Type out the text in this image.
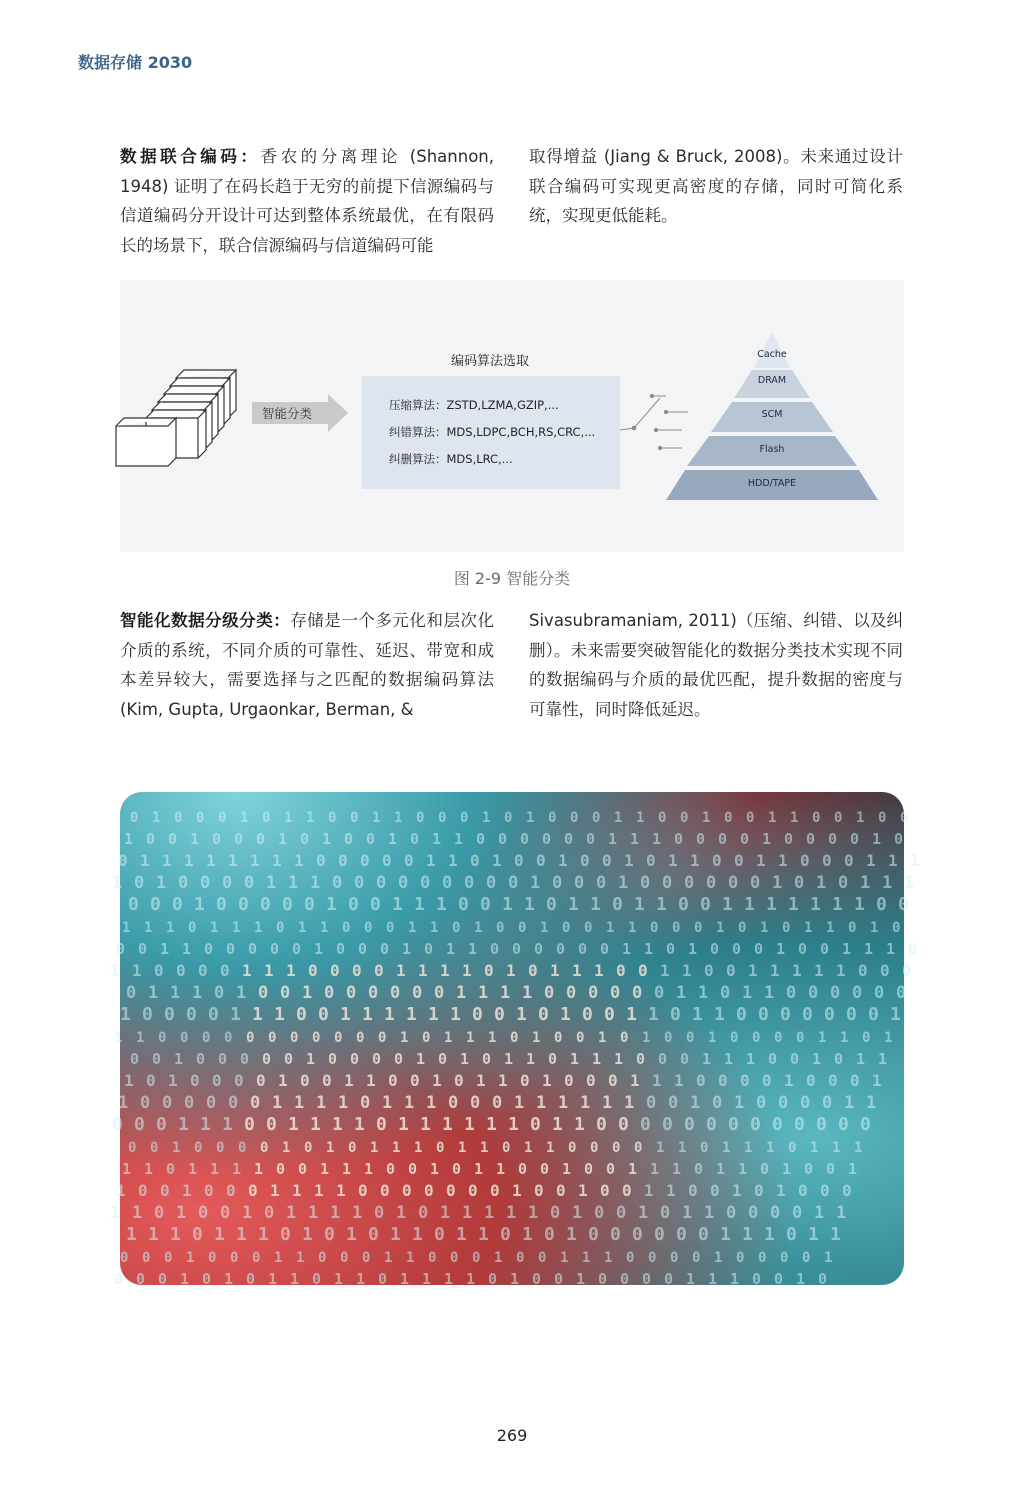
数据存储 2030

数据联合编码：香农的分离理论 (Shannon, 1948) 证明了在码长趋于无穷的前提下信源编码与信道编码分开设计可达到整体系统最优，在有限码长的场景下，联合信源编码与信道编码可能

取得增益 (Jiang & Bruck, 2008)。未来通过设计联合编码可实现更高密度的存储，同时可简化系统，实现更低能耗。

智能分类
编码算法选取
压缩算法：ZSTD,LZMA,GZIP,...
纠错算法：MDS,LDPC,BCH,RS,CRC,...
纠删算法：MDS,LRC,...
Cache
DRAM
SCM
Flash
HDD/TAPE
图 2-9 智能分类

智能化数据分级分类：存储是一个多元化和层次化介质的系统，不同介质的可靠性、延迟、带宽和成本差异较大，需要选择与之匹配的数据编码算法 (Kim, Gupta, Urgaonkar, Berman, &

Sivasubramaniam, 2011)（压缩、纠错、以及纠删）。未来需要突破智能化的数据分类技术实现不同的数据编码与介质的最优匹配，提升数据的密度与可靠性，同时降低延迟。

0 1 0 0 0 1 0 1 1 0 0 1 1 0 0 0 1 0 1 0 0 0 1 1 0 0 1 0 0 1 1 0 0 1 0 0
1 0 0 1 0 0 0 1 0 1 0 0 1 0 1 1 0 0 0 0 0 0 1 1 1 0 0 0 0 1 0 0 0 0 1 0
0 1 1 1 1 1 1 1 1 0 0 0 0 0 1 1 0 1 0 0 1 0 0 1 0 1 1 0 0 1 1 0 0 0 1 1 1
1 0 1 0 0 0 0 1 1 1 0 0 0 0 0 0 0 0 0 1 0 0 0 1 0 0 0 0 0 0 1 0 1 0 1 1 1
0 0 0 1 0 0 0 0 0 1 0 0 1 1 1 0 0 1 1 0 1 1 0 1 1 0 0 1 1 1 1 1 1 1 0 0
1 1 1 0 1 1 1 0 1 1 0 0 0 1 1 0 1 0 0 1 0 0 1 1 0 0 0 1 0 1 0 1 1 0 1 0
0 0 1 1 0 0 0 0 0 1 0 0 0 1 0 1 1 0 0 0 0 0 0 1 1 0 1 0 0 0 1 0 0 1 1 1 0
1 1 0 0 0 0 1 1 1 0 0 0 0 1 1 1 1 0 1 0 1 1 1 0 0 1 1 0 0 1 1 1 1 1 0 0 0
0 1 1 1 0 1 0 0 1 0 0 0 0 0 0 1 1 1 1 0 0 0 0 0 0 1 1 0 1 1 0 0 0 0 0 0
1 0 0 0 0 1 1 1 0 0 1 1 1 1 1 1 0 0 1 0 1 0 0 1 1 0 1 1 0 0 0 0 0 0 0 1
1 1 0 0 0 0 0 0 0 0 0 0 0 1 0 1 1 1 0 1 0 0 1 0 1 0 0 1 0 0 0 0 1 1 0 1
0 0 1 0 0 0 0 0 1 0 0 0 0 1 0 1 0 1 1 0 1 1 1 0 0 0 1 1 1 0 0 1 0 1 1
1 0 1 0 0 0 0 1 0 0 1 1 0 0 1 0 1 1 0 1 0 0 0 1 1 1 0 0 0 0 1 0 0 0 1
1 0 0 0 0 0 0 1 1 1 1 0 1 1 1 0 0 0 1 1 1 1 1 1 0 0 1 0 1 0 0 0 0 1 1
0 0 0 1 1 1 0 0 1 1 1 1 0 1 1 1 1 1 1 0 1 1 0 0 0 0 0 0 0 0 0 0 0 0 0
0 0 1 0 0 0 0 1 0 1 0 1 1 1 0 1 1 0 1 1 0 0 0 0 1 1 0 1 1 1 0 1 1 1
1 1 0 1 1 1 1 0 0 1 1 1 0 0 1 0 1 1 0 0 1 0 0 1 1 1 0 1 1 0 1 0 0 1
1 0 0 1 0 0 0 1 1 1 1 0 0 0 0 0 0 0 1 0 0 1 0 0 1 1 0 0 1 0 1 0 0 0
1 1 0 1 0 0 1 0 1 1 1 1 0 1 0 1 1 1 1 1 0 1 0 0 1 0 1 1 0 0 0 0 1 1
1 1 1 0 1 1 1 0 1 0 1 0 1 1 0 1 1 0 1 0 1 0 0 0 0 0 0 1 1 1 0 1 1
0 0 0 1 0 0 0 1 1 0 0 0 1 1 0 0 0 1 0 0 1 1 1 0 0 0 0 1 0 0 0 0 1
0 0 0 1 0 1 0 1 1 0 1 1 0 1 1 1 1 0 1 0 0 1 0 0 0 0 1 1 1 0 0 1 0
269
